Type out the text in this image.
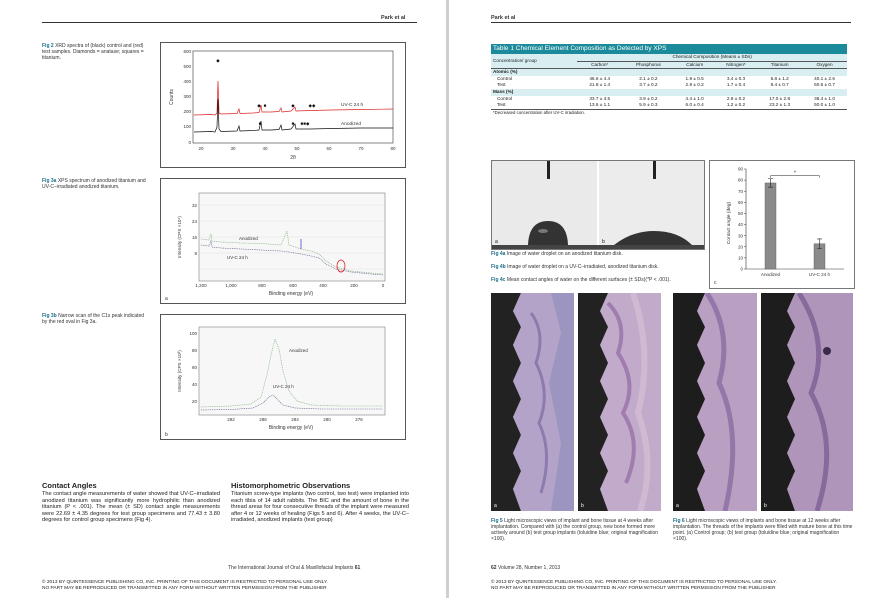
Park et al
Fig 2 XRD spectra of (black) control and (red) test samples. Diamonds = anatase; squares = titanium.
600
500
400
300
200
100
0
20	30	40	50	60	70	80
2θ
Counts
◆
◆ ■	◆	◆◆
■ ■■◆
■
UV-C 24 h
Anodized
Fig 3a XPS spectrum of anodized titanium and UV-C–irradiated anodized titanium.
32
24
16
8
1,200	1,000	800	600	400	200	0
Binding energy (eV)
Intensity (CPS ×10⁴)	Anodized
UV-C 24 h
a
Fig 3b Narrow scan of the C1s peak indicated by the red oval in Fig 3a.
100
80
60
40
20
292	288	284	280	276
Binding energy (eV)
Intensity (CPS ×10³)	Anodized
UV-C 24 h
b
Contact Angles
The contact angle measurements of water showed that UV-C–irradiated anodized titanium was significantly more hydrophilic than anodized titanium (P < .001). The mean (± SD) contact angle measurements were 22.69 ± 4.35 degrees for test group specimens and 77.43 ± 3.80 degrees for control group specimens (Fig 4).
Histomorphometric Observations
Titanium screw-type implants (two control, two test) were implanted into each tibia of 14 adult rabbits. The BIC and the amount of bone in the thread areas for four consecutive threads of the implant were measured after 4 or 12 weeks of healing (Figs 5 and 6). After 4 weeks, the UV-C–irradiated, anodized implants (test group)
The International Journal of Oral & Maxillofacial Implants 61
© 2013 BY QUINTESSENCE PUBLISHING CO, INC. PRINTING OF THIS DOCUMENT IS RESTRICTED TO PERSONAL USE ONLY.
NO PART MAY BE REPRODUCED OR TRANSMITTED IN ANY FORM WITHOUT WRITTEN PERMISSION FROM THE PUBLISHER
Park et al
Table 1 Chemical Element Composition as Detected by XPS						
Concentration/ group	Chemical Composition (Means ± SDs)					
	Carbon*	Phosphorus	Calcium	Nitrogen*	Titanium	Oxygen
Atomic (%)						
Control	46.6 ± 4.4	2.1 ± 0.2	1.9 ± 0.5	3.4 ± 0.3	5.8 ± 1.2	40.1 ± 2.6
Test	21.8 ± 1.4	3.7 ± 0.2	2.9 ± 0.2	1.7 ± 0.4	9.4 ± 0.7	60.5 ± 0.7
Mass (%)						
Control	33.7 ± 4.5	3.9 ± 0.2	4.4 ± 1.0	2.9 ± 0.2	17.0 ± 2.8	38.4 ± 1.0
Test	13.6 ± 1.1	5.9 ± 0.3	6.0 ± 0.4	1.2 ± 0.2	23.2 ± 1.3	50.0 ± 1.0
*Decreased concentration after UV-C irradiation.						
a	b
Fig 4a Image of water droplet on an anodized titanium disk.
Fig 4b Image of water droplet on a UV-C–irradiated, anodized titanium disk.
Fig 4c Mean contact angles of water on the different surfaces (± SDs)(*P < .001).
Contact angle (deg)
c
90
80
70
60
50
40
30
20
10
0
Anodized	UV-C 24 h
*
a	b	a	b
Fig 5 Light microscopic views of implant and bone tissue at 4 weeks after implantation. Compared with (a) the control group, new bone formed more actively around (b) test group implants (toluidine blue; original magnification ×100).
Fig 6 Light microscopic views of implants and bone tissue at 12 weeks after implantation. The threads of the implants were filled with mature bone at this time point. (a) Control group; (b) test group (toluidine blue; original magnification ×100).
62 Volume 28, Number 1, 2013
© 2013 BY QUINTESSENCE PUBLISHING CO, INC. PRINTING OF THIS DOCUMENT IS RESTRICTED TO PERSONAL USE ONLY.
NO PART MAY BE REPRODUCED OR TRANSMITTED IN ANY FORM WITHOUT WRITTEN PERMISSION FROM THE PUBLISHER
